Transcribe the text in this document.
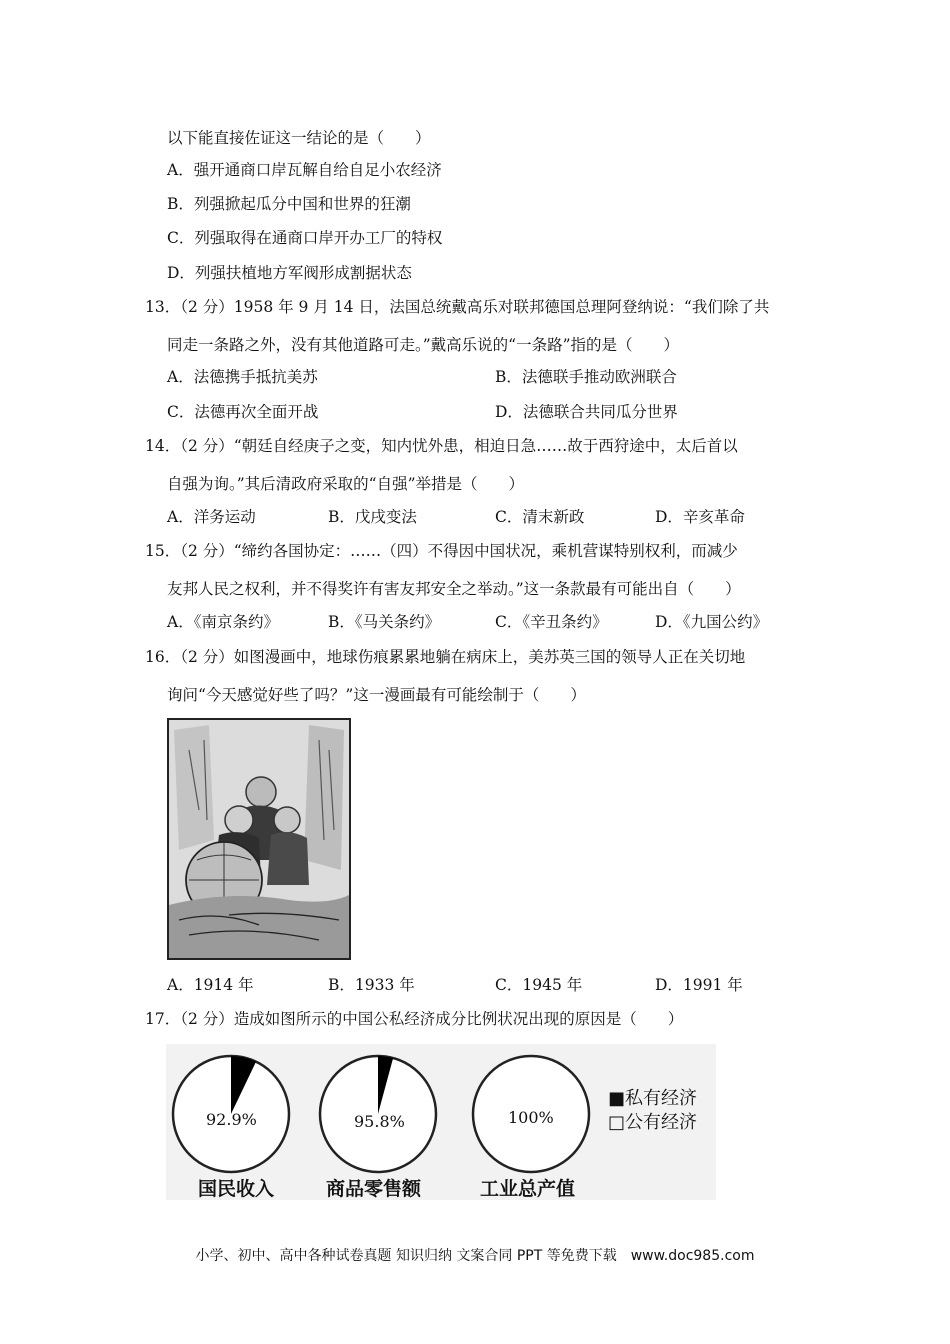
以下能直接佐证这一结论的是（　　）
A．强开通商口岸瓦解自给自足小农经济
B．列强掀起瓜分中国和世界的狂潮
C．列强取得在通商口岸开办工厂的特权
D．列强扶植地方军阀形成割据状态
13．（2 分）1958 年 9 月 14 日，法国总统戴高乐对联邦德国总理阿登纳说：“我们除了共
同走一条路之外，没有其他道路可走。”戴高乐说的“一条路”指的是（　　）
A．法德携手抵抗美苏	B．法德联手推动欧洲联合
C．法德再次全面开战	D．法德联合共同瓜分世界
14．（2 分）“朝廷自经庚子之变，知内忧外患，相迫日急……故于西狩途中，太后首以
自强为询。”其后清政府采取的“自强”举措是（　　）
A．洋务运动	B．戊戌变法	C．清末新政	D．辛亥革命
15．（2 分）“缔约各国协定：……（四）不得因中国状况，乘机营谋特别权利，而减少
友邦人民之权利，并不得奖许有害友邦安全之举动。”这一条款最有可能出自（　　）
A．《南京条约》	B．《马关条约》	C．《辛丑条约》	D．《九国公约》
16．（2 分）如图漫画中，地球伤痕累累地躺在病床上，美苏英三国的领导人正在关切地
询问“今天感觉好些了吗？”这一漫画最有可能绘制于（　　）
A．1914 年	B．1933 年	C．1945 年	D．1991 年
17．（2 分）造成如图所示的中国公私经济成分比例状况出现的原因是（　　）
92.9%	95.8%	100%
国民收入	商品零售额	工业总产值
■私有经济
□公有经济
小学、初中、高中各种试卷真题 知识归纳 文案合同 PPT 等免费下载　www.doc985.com
